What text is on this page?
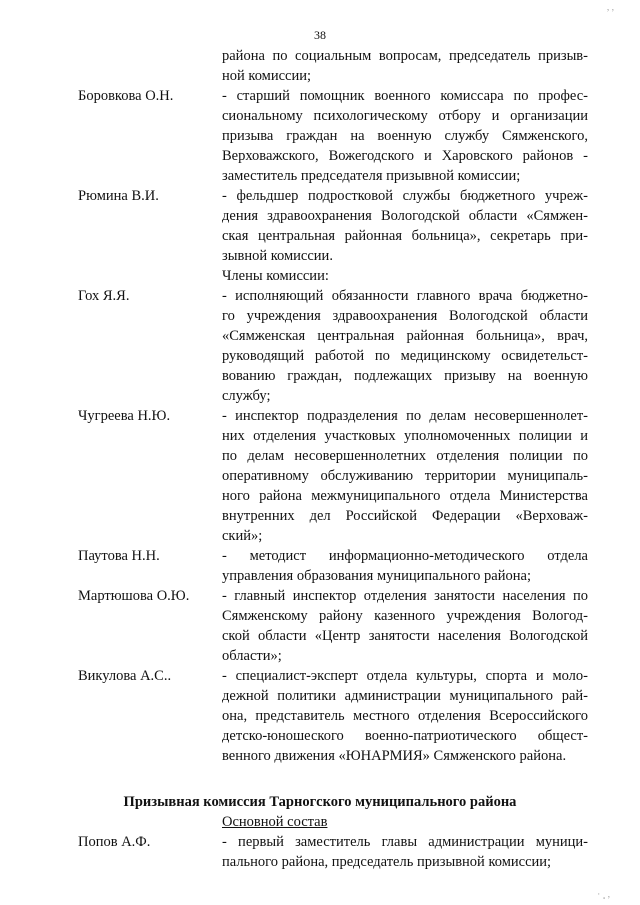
38
района по социальным вопросам, председатель призыв-
ной комиссии;
Боровкова О.Н.	- старший помощник военного комиссара по профес-
сиональному психологическому отбору и организации
призыва граждан на военную службу Сямженского,
Верховажского, Вожегодского и Харовского районов -
заместитель председателя призывной комиссии;
Рюмина В.И.	- фельдшер подростковой службы бюджетного учреж-
дения здравоохранения Вологодской области «Сямжен-
ская центральная районная больница», секретарь при-
зывной комиссии.
Члены комиссии:
Гох Я.Я.	- исполняющий обязанности главного врача бюджетно-
го учреждения здравоохранения Вологодской области
«Сямженская центральная районная больница», врач,
руководящий работой по медицинскому освидетельст-
вованию граждан, подлежащих призыву на военную
службу;
Чугреева Н.Ю.	- инспектор подразделения по делам несовершеннолет-
них отделения участковых уполномоченных полиции и
по делам несовершеннолетних отделения полиции по
оперативному обслуживанию территории муниципаль-
ного района межмуниципального отдела Министерства
внутренних дел Российской Федерации «Верховаж-
ский»;
Паутова Н.Н.	- методист информационно-методического отдела
управления образования муниципального района;
Мартюшова О.Ю. - главный инспектор отделения занятости населения по
Сямженскому району казенного учреждения Вологод-
ской области «Центр занятости населения Вологодской
области»;
Викулова А.С..	- специалист-эксперт отдела культуры, спорта и моло-
дежной политики администрации муниципального рай-
она, представитель местного отделения Всероссийского
детско-юношеского военно-патриотического общест-
венного движения «ЮНАРМИЯ» Сямженского района.
Призывная комиссия Тарногского муниципального района
Основной состав
Попов А.Ф.	- первый заместитель главы администрации муници-
пального района, председатель призывной комиссии;
‚ ,
· ¸ ,
